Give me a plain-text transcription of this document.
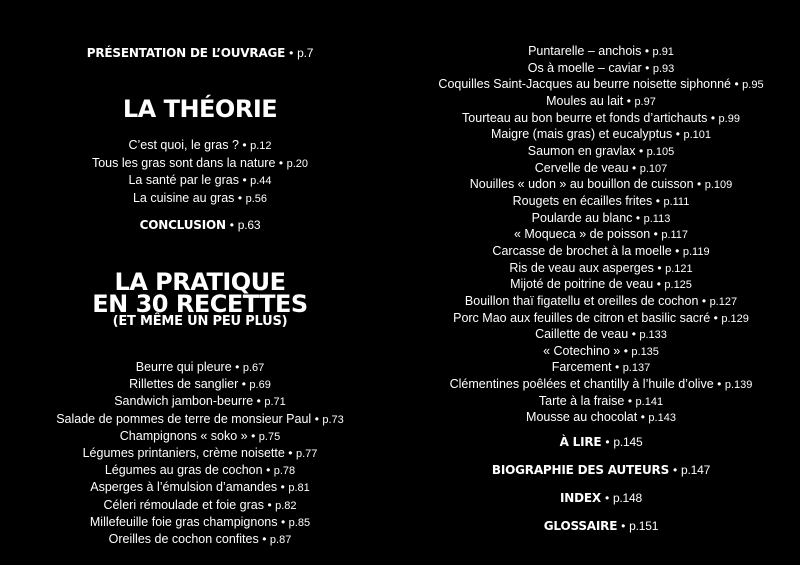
PRÉSENTATION DE L’OUVRAGE • p.7
LA THÉORIE
C’est quoi, le gras ? • p.12
Tous les gras sont dans la nature • p.20
La santé par le gras • p.44
La cuisine au gras • p.56
CONCLUSION • p.63
LA PRATIQUE
EN 30 RECETTES
(ET MÊME UN PEU PLUS)
Beurre qui pleure • p.67
Rillettes de sanglier • p.69
Sandwich jambon-beurre • p.71
Salade de pommes de terre de monsieur Paul • p.73
Champignons « soko » • p.75
Légumes printaniers, crème noisette • p.77
Légumes au gras de cochon • p.78
Asperges à l’émulsion d’amandes • p.81
Céleri rémoulade et foie gras • p.82
Millefeuille foie gras champignons • p.85
Oreilles de cochon confites • p.87
Puntarelle – anchois • p.91
Os à moelle – caviar • p.93
Coquilles Saint-Jacques au beurre noisette siphonné • p.95
Moules au lait • p.97
Tourteau au bon beurre et fonds d’artichauts • p.99
Maigre (mais gras) et eucalyptus • p.101
Saumon en gravlax • p.105
Cervelle de veau • p.107
Nouilles « udon » au bouillon de cuisson • p.109
Rougets en écailles frites • p.111
Poularde au blanc • p.113
« Moqueca » de poisson • p.117
Carcasse de brochet à la moelle • p.119
Ris de veau aux asperges • p.121
Mijoté de poitrine de veau • p.125
Bouillon thaï figatellu et oreilles de cochon • p.127
Porc Mao aux feuilles de citron et basilic sacré • p.129
Caillette de veau • p.133
« Cotechino » • p.135
Farcement • p.137
Clémentines poêlées et chantilly à l’huile d’olive • p.139
Tarte à la fraise • p.141
Mousse au chocolat • p.143
À LIRE • p.145
BIOGRAPHIE DES AUTEURS • p.147
INDEX • p.148
GLOSSAIRE • p.151
